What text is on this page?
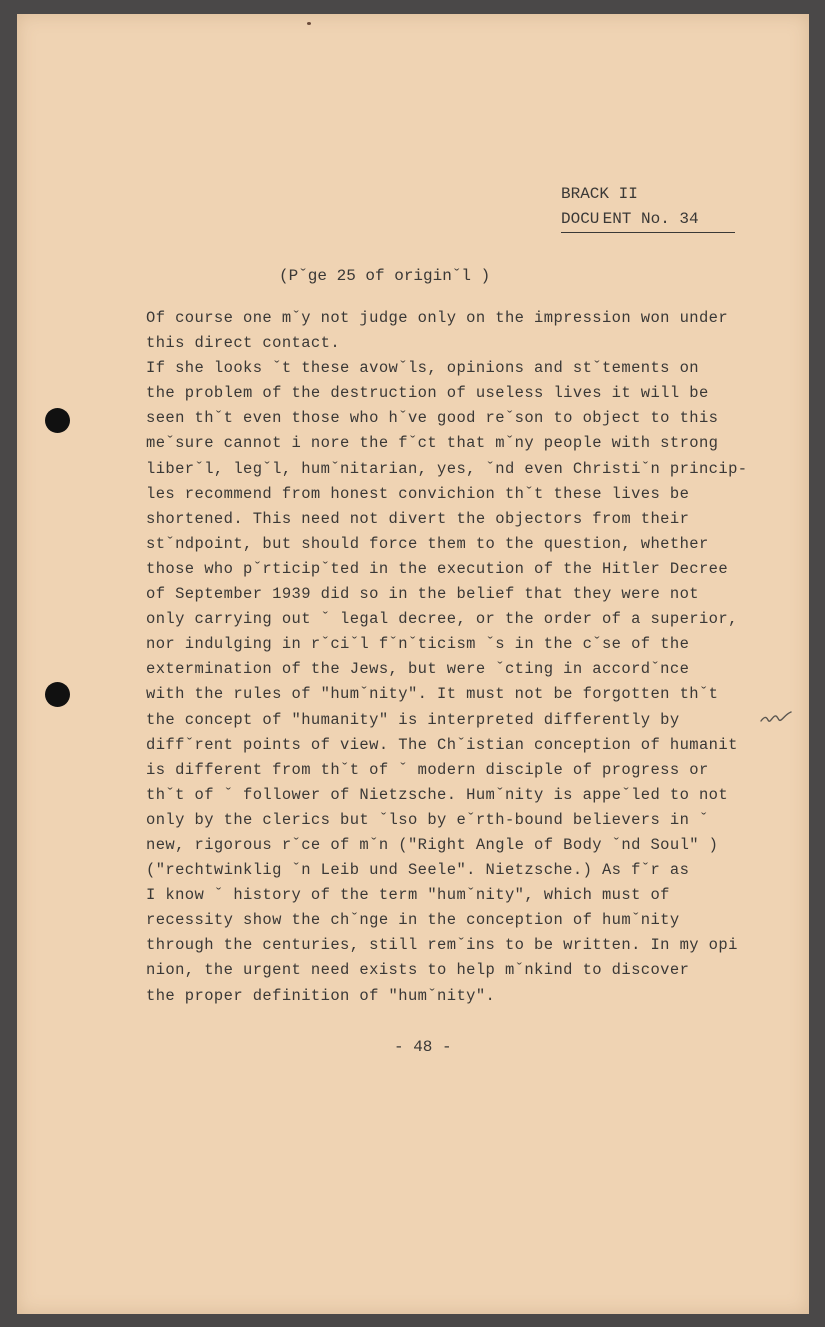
BRACK II
DOCU ENT No. 34
(Pˇge 25 of originˇl )
Of course one mˇy not judge only on the impression won under
this direct contact.
If she looks ˇt these avowˇls, opinions and stˇtements on
the problem of the destruction of useless lives it will be
seen thˇt even those who hˇve good reˇson to object to this
meˇsure cannot i nore the fˇct that mˇny people with strong
liberˇl, legˇl, humˇnitarian, yes, ˇnd even Christiˇn princip-
les recommend from honest convichion thˇt these lives be
shortened. This need not divert the objectors from their
stˇndpoint, but should force them to the question, whether
those who pˇrticipˇted in the execution of the Hitler Decree
of September 1939 did so in the belief that they were not
only carrying out ˇ legal decree, or the order of a superior,
nor indulging in rˇciˇl fˇnˇticism ˇs in the cˇse of the
extermination of the Jews, but were ˇcting in accordˇnce
with the rules of "humˇnity". It must not be forgotten thˇt
the concept of "humanity" is interpreted differently by
diffˇrent points of view. The Chˇistian conception of humanit
is different from thˇt of ˇ modern disciple of progress or
thˇt of ˇ follower of Nietzsche. Humˇnity is appeˇled to not
only by the clerics but ˇlso by eˇrth-bound believers in ˇ
new, rigorous rˇce of mˇn ("Right Angle of Body ˇnd Soul" )
("rechtwinklig ˇn Leib und Seele". Nietzsche.) As fˇr as
I know ˇ history of the term "humˇnity", which must of
recessity show the chˇnge in the conception of humˇnity
through the centuries, still remˇins to be written. In my opi
nion, the urgent need exists to help mˇnkind to discover
the proper definition of "humˇnity".
- 48 -
